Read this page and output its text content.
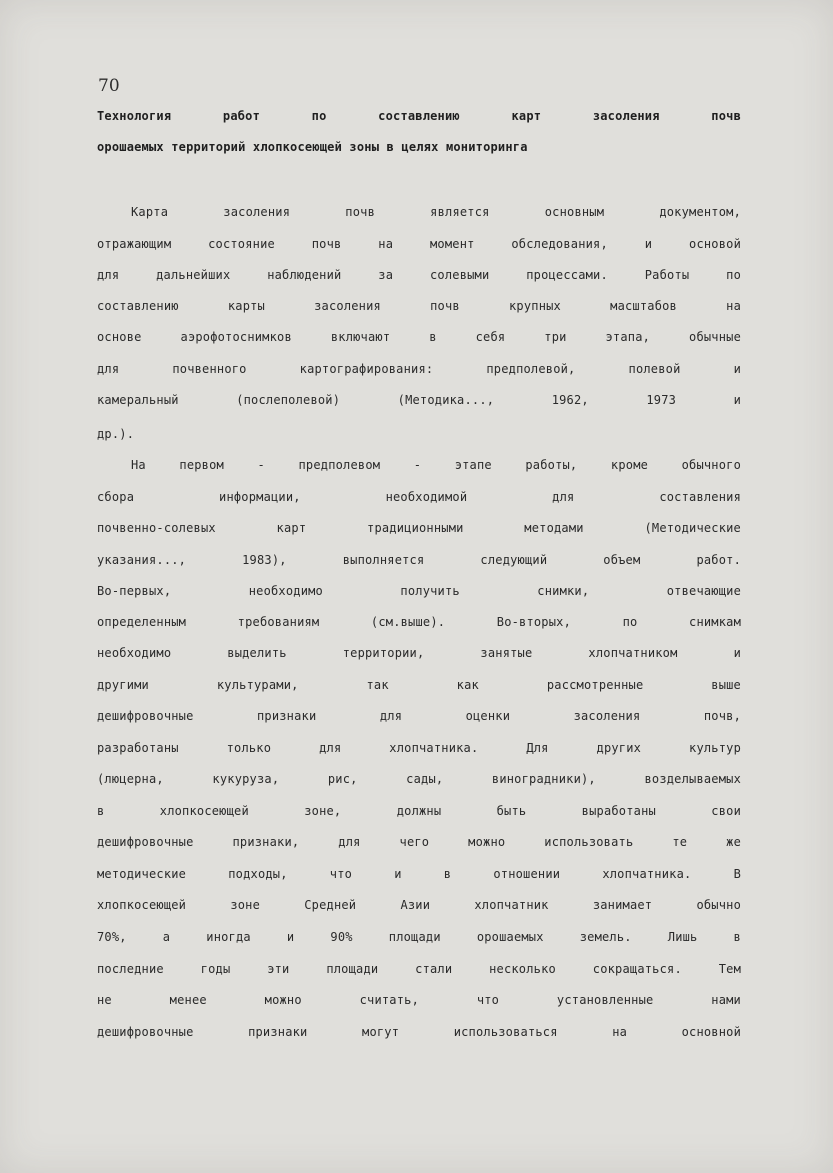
70
Технология работ по составлению карт засоления почв
орошаемых территорий хлопкосеющей зоны в целях мониторинга
Карта засоления почв является основным документом,
отражающим состояние почв на момент обследования, и основой
для дальнейших наблюдений за солевыми процессами. Работы по
составлению карты засоления почв крупных масштабов на
основе аэрофотоснимков включают в себя три этапа, обычные
для почвенного картографирования: предполевой, полевой и
камеральный (послеполевой) (Методика..., 1962, 1973 и
др.).
На первом - предполевом - этапе работы, кроме обычного
сбора информации, необходимой для составления
почвенно-солевых карт традиционными методами (Методические
указания..., 1983), выполняется следующий объем работ.
Во-первых, необходимо получить снимки, отвечающие
определенным требованиям (см.выше). Во-вторых, по снимкам
необходимо выделить территории, занятые хлопчатником и
другими культурами, так как рассмотренные выше
дешифровочные признаки для оценки засоления почв,
разработаны только для хлопчатника. Для других культур
(люцерна, кукуруза, рис, сады, виноградники), возделываемых
в хлопкосеющей зоне, должны быть выработаны свои
дешифровочные признаки, для чего можно использовать те же
методические подходы, что и в отношении хлопчатника. В
хлопкосеющей зоне Средней Азии хлопчатник занимает обычно
70%, а иногда и 90% площади орошаемых земель. Лишь в
последние годы эти площади стали несколько сокращаться. Тем
не менее можно считать, что установленные нами
дешифровочные признаки могут использоваться на основной
